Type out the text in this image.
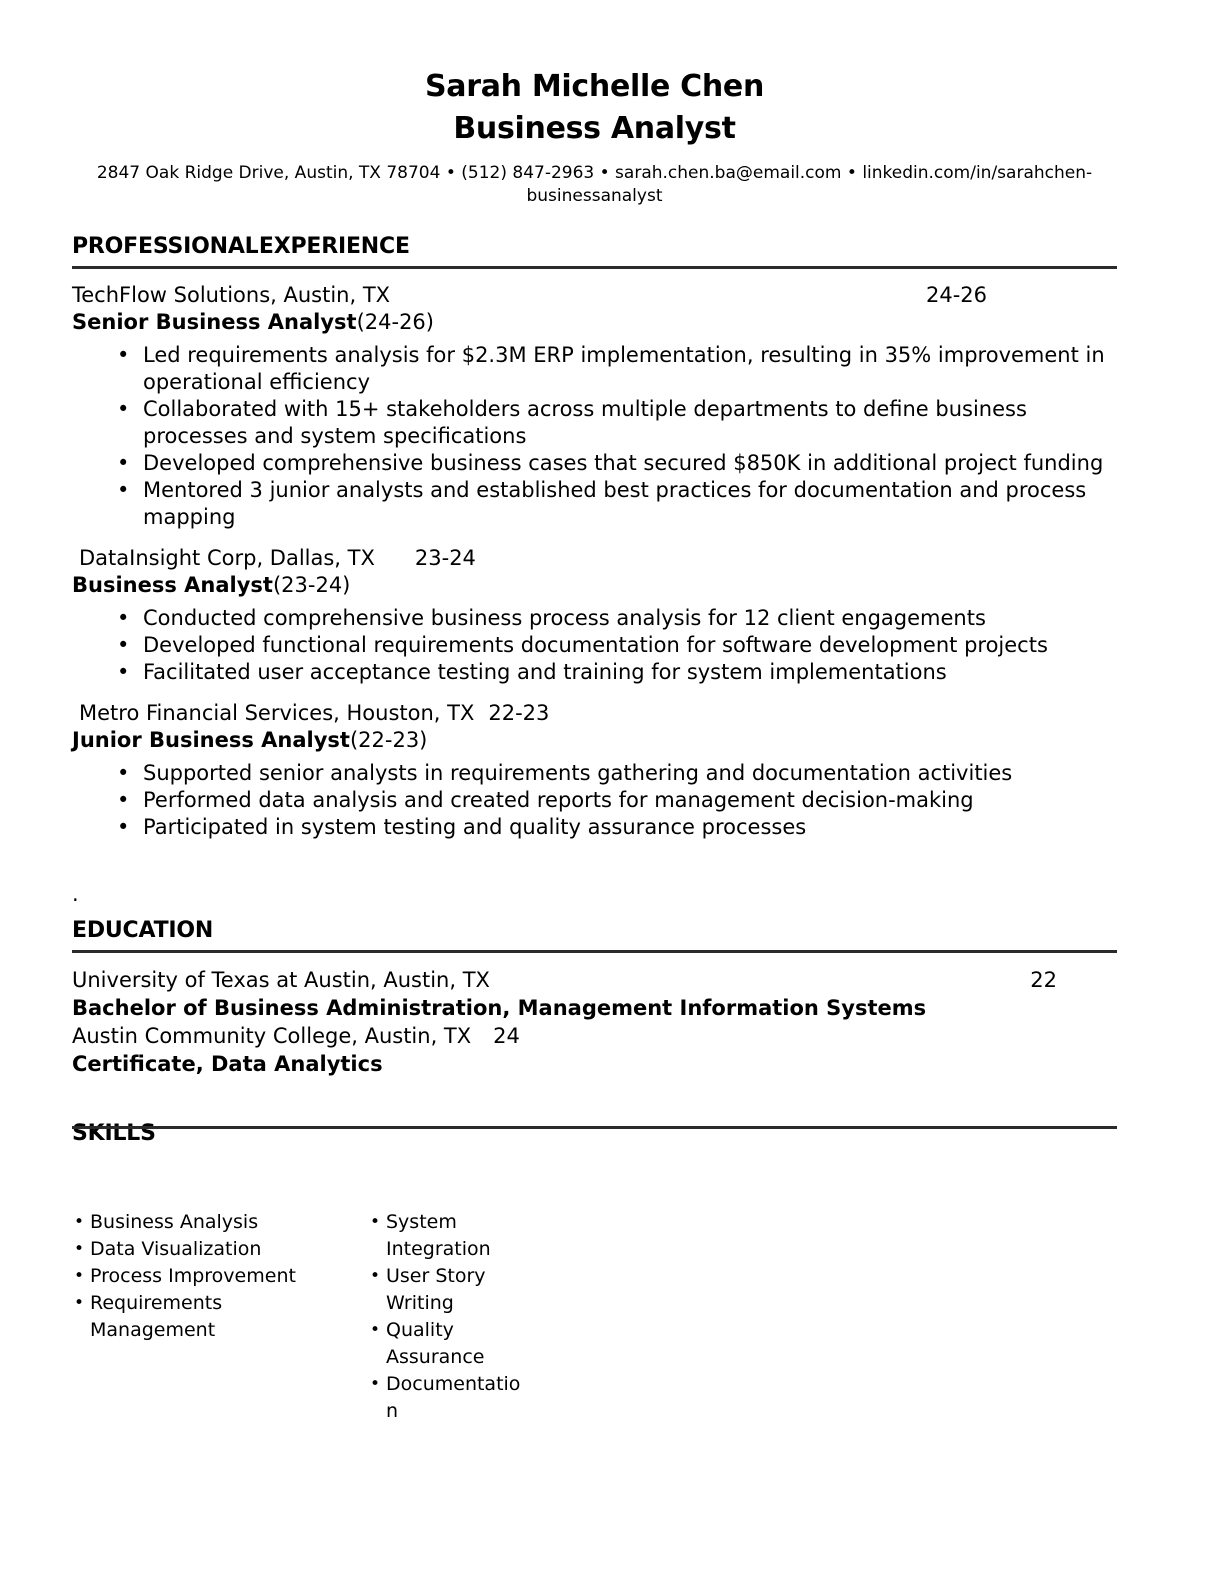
Sarah Michelle Chen
Business Analyst
2847 Oak Ridge Drive, Austin, TX 78704 • (512) 847-2963 • sarah.chen.ba@email.com • linkedin.com/in/sarahchen-
businessanalyst
PROFESSIONAL EXPERIENCE
TechFlow Solutions, Austin, TX	24-26
Senior Business Analyst(24-26)
• Led requirements analysis for $2.3M ERP implementation, resulting in 35% improvement in operational efficiency
• Collaborated with 15+ stakeholders across multiple departments to define business processes and system specifications
• Developed comprehensive business cases that secured $850K in additional project funding
• Mentored 3 junior analysts and established best practices for documentation and process mapping
DataInsight Corp, Dallas, TX 23-24
Business Analyst(23-24)
• Conducted comprehensive business process analysis for 12 client engagements
• Developed functional requirements documentation for software development projects
• Facilitated user acceptance testing and training for system implementations
Metro Financial Services, Houston, TX 22-23
Junior Business Analyst(22-23)
• Supported senior analysts in requirements gathering and documentation activities
• Performed data analysis and created reports for management decision-making
• Participated in system testing and quality assurance processes
.
EDUCATION
University of Texas at Austin, Austin, TX	22
Bachelor of Business Administration, Management Information Systems
Austin Community College, Austin, TX 24
Certificate, Data Analytics
SKILLS
• Business Analysis
• Data Visualization
• Process Improvement
• Requirements Management
• System Integration
• User Story Writing
• Quality Assurance
• Documentation
